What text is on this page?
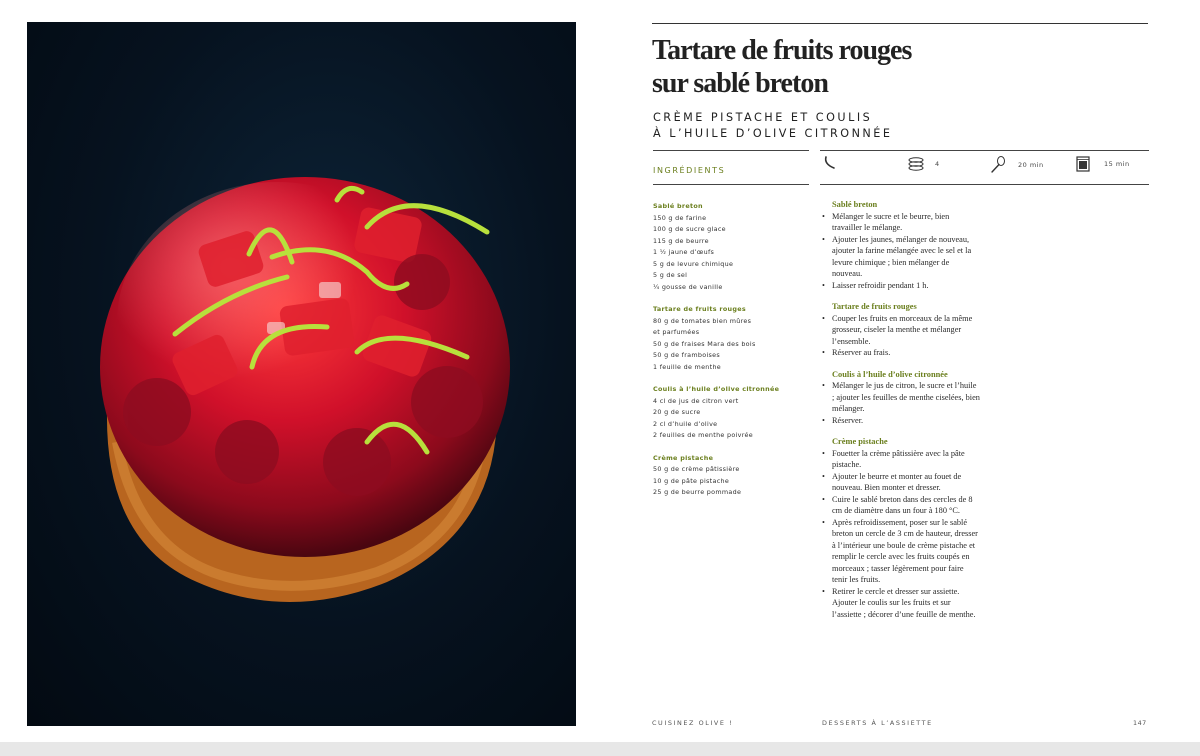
Tartare de fruits rouges
sur sablé breton
CRÈME PISTACHE ET COULIS
À L’HUILE D’OLIVE CITRONNÉE
INGRÉDIENTS
4	20 min	15 min
Sablé breton
150 g de farine
100 g de sucre glace
115 g de beurre
1 ½ jaune d’œufs
5 g de levure chimique
5 g de sel
¼ gousse de vanille
Tartare de fruits rouges
80 g de tomates bien mûres
et parfumées
50 g de fraises Mara des bois
50 g de framboises
1 feuille de menthe
Coulis à l’huile d’olive citronnée
4 cl de jus de citron vert
20 g de sucre
2 cl d’huile d’olive
2 feuilles de menthe poivrée
Crème pistache
50 g de crème pâtissière
10 g de pâte pistache
25 g de beurre pommade
Sablé breton
• Mélanger le sucre et le beurre, bien travailler le mélange.
• Ajouter les jaunes, mélanger de nouveau, ajouter la farine mélangée avec le sel et la levure chimique ; bien mélanger de nouveau.
• Laisser refroidir pendant 1 h.
Tartare de fruits rouges
• Couper les fruits en morceaux de la même grosseur, ciseler la menthe et mélanger l’ensemble.
• Réserver au frais.
Coulis à l’huile d’olive citronnée
• Mélanger le jus de citron, le sucre et l’huile ; ajouter les feuilles de menthe ciselées, bien mélanger.
• Réserver.
Crème pistache
• Fouetter la crème pâtissière avec la pâte pistache.
• Ajouter le beurre et monter au fouet de nouveau. Bien monter et dresser.
• Cuire le sablé breton dans des cercles de 8 cm de diamètre dans un four à 180 °C.
• Après refroidissement, poser sur le sablé breton un cercle de 3 cm de hauteur, dresser à l’intérieur une boule de crème pistache et remplir le cercle avec les fruits coupés en morceaux ; tasser légèrement pour faire tenir les fruits.
• Retirer le cercle et dresser sur assiette. Ajouter le coulis sur les fruits et sur l’assiette ; décorer d’une feuille de menthe.
CUISINEZ OLIVE !	DESSERTS À L’ASSIETTE	147
